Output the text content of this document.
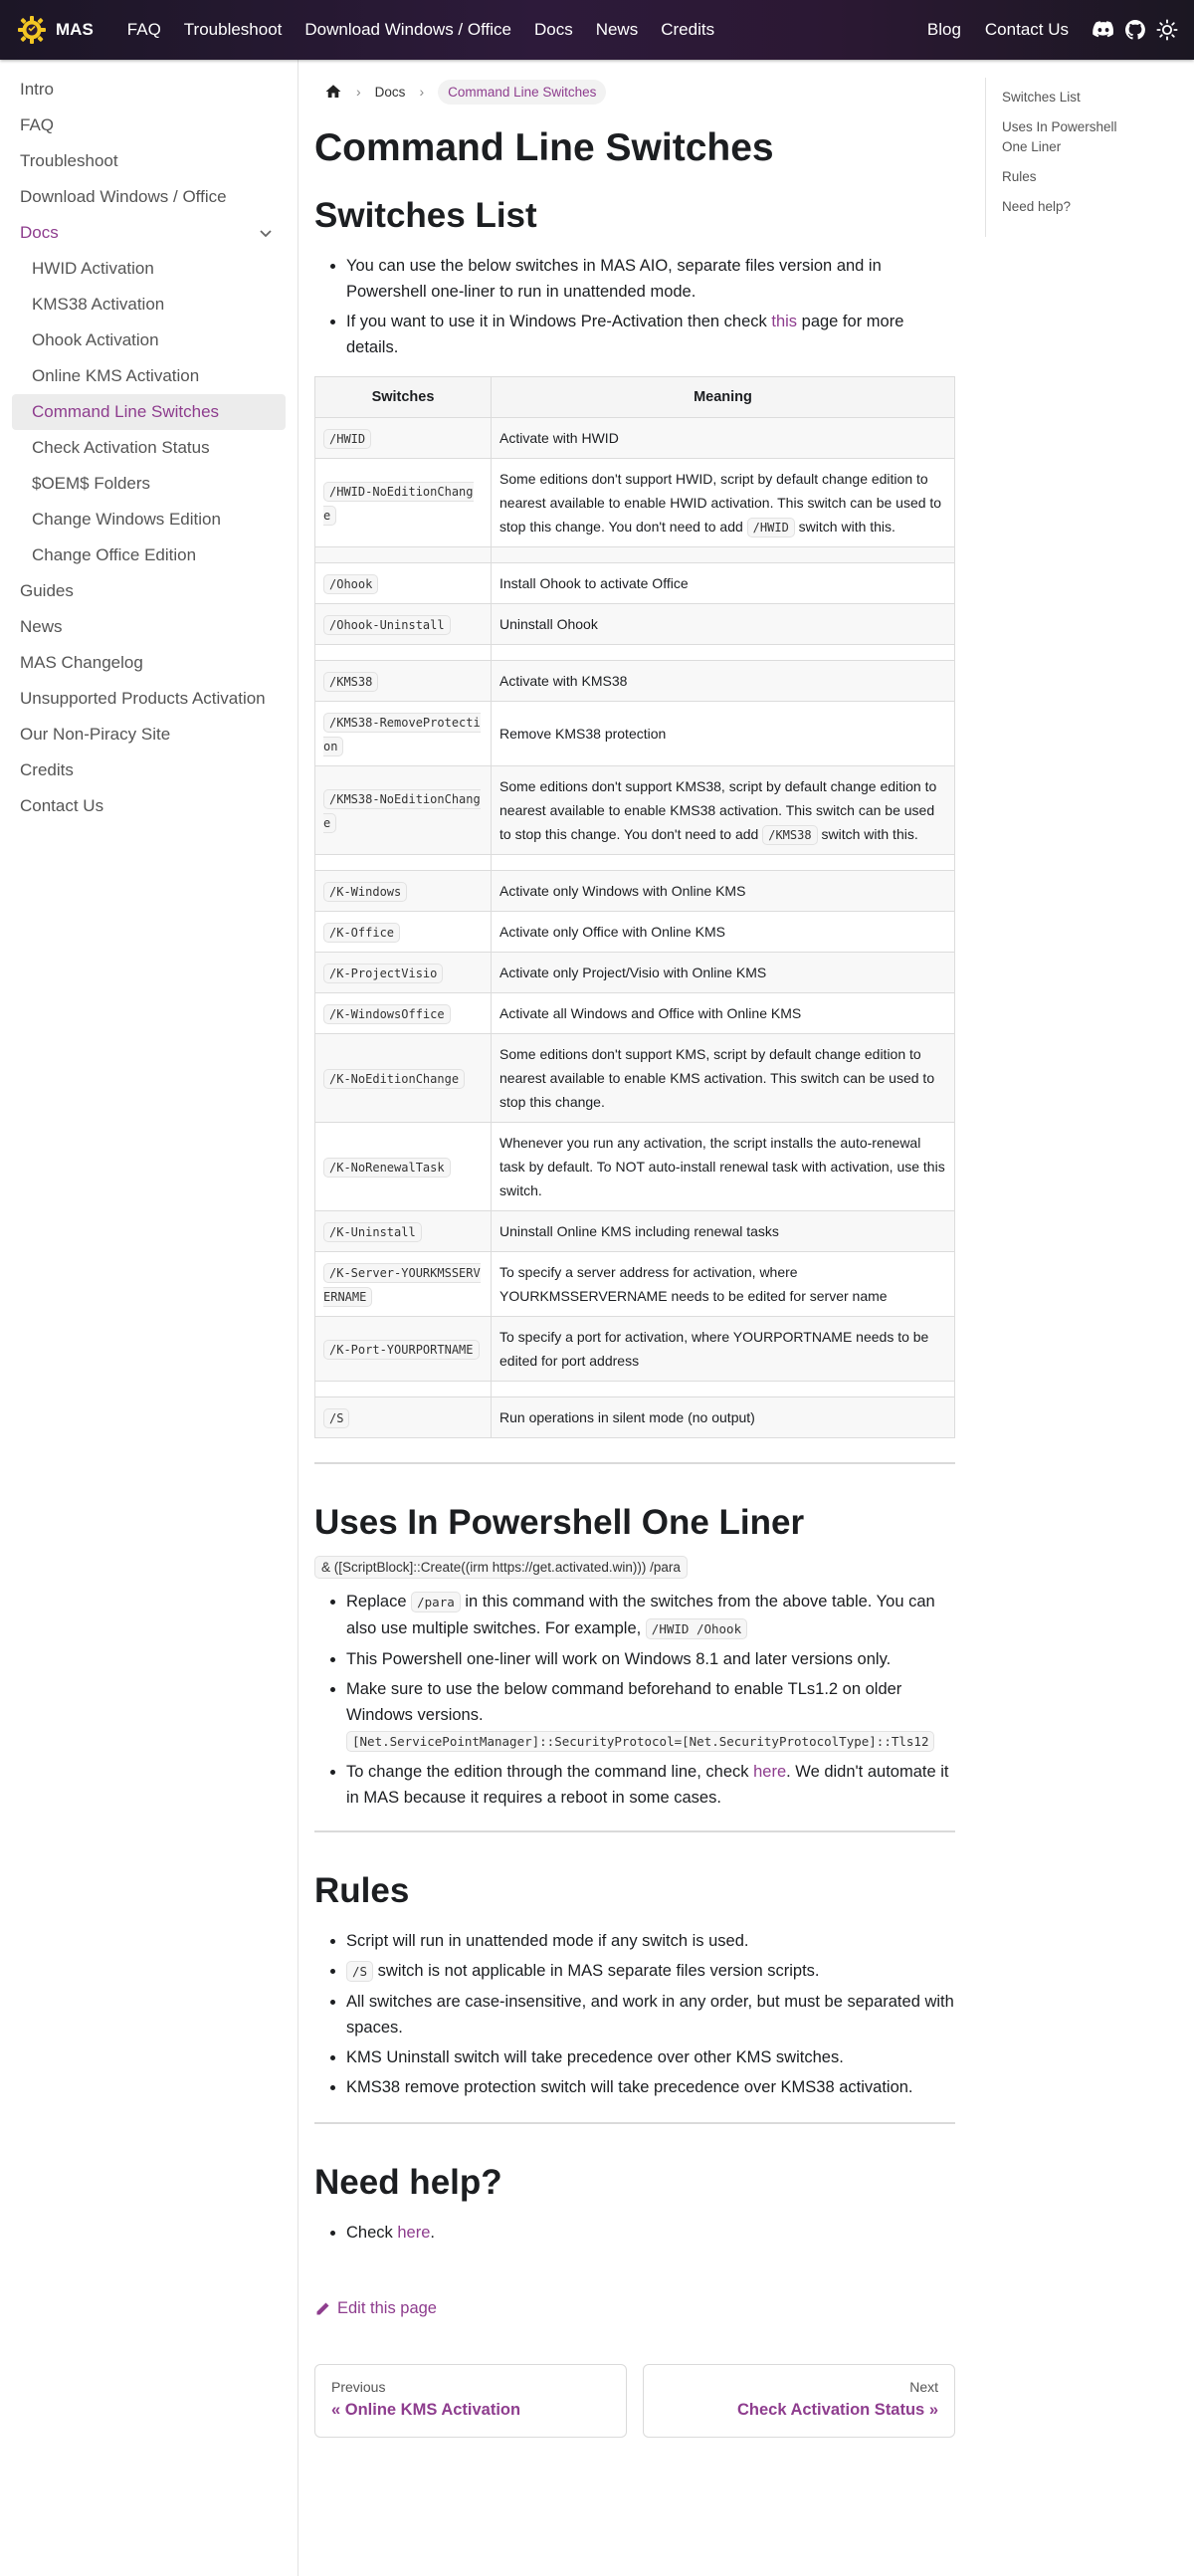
MAS FAQ Troubleshoot Download Windows / Office Docs News Credits	Blog Contact Us
Intro
FAQ
Troubleshoot
Download Windows / Office
Docs
HWID Activation
KMS38 Activation
Ohook Activation
Online KMS Activation
Command Line Switches
Check Activation Status
$OEM$ Folders
Change Windows Edition
Change Office Edition
Guides
News
MAS Changelog
Unsupported Products Activation
Our Non-Piracy Site
Credits
Contact Us
› Docs ›	Command Line Switches
Command Line Switches
Switches List
• You can use the below switches in MAS AIO, separate files version and in Powershell one-liner to run in unattended mode.
• If you want to use it in Windows Pre-Activation then check this page for more details.
Switches	Meaning
/HWID	Activate with HWID
/HWID-NoEditionChange	Some editions don't support HWID, script by default change edition to nearest available to enable HWID activation. This switch can be used to stop this change. You don't need to add /HWID switch with this.

/Ohook	Install Ohook to activate Office
/Ohook-Uninstall	Uninstall Ohook

/KMS38	Activate with KMS38
/KMS38-RemoveProtection	Remove KMS38 protection
/KMS38-NoEditionChange	Some editions don't support KMS38, script by default change edition to nearest available to enable KMS38 activation. This switch can be used to stop this change. You don't need to add /KMS38 switch with this.

/K-Windows	Activate only Windows with Online KMS
/K-Office	Activate only Office with Online KMS
/K-ProjectVisio	Activate only Project/Visio with Online KMS
/K-WindowsOffice	Activate all Windows and Office with Online KMS
/K-NoEditionChange	Some editions don't support KMS, script by default change edition to nearest available to enable KMS activation. This switch can be used to stop this change.
/K-NoRenewalTask	Whenever you run any activation, the script installs the auto-renewal task by default. To NOT auto-install renewal task with activation, use this switch.
/K-Uninstall	Uninstall Online KMS including renewal tasks
/K-Server-YOURKMSSERVERNAME	To specify a server address for activation, where YOURKMSSERVERNAME needs to be edited for server name
/K-Port-YOURPORTNAME	To specify a port for activation, where YOURPORTNAME needs to be edited for port address

/S	Run operations in silent mode (no output)
Uses In Powershell One Liner
& ([ScriptBlock]::Create((irm https://get.activated.win))) /para
• Replace /para in this command with the switches from the above table. You can also use multiple switches. For example, /HWID /Ohook
• This Powershell one-liner will work on Windows 8.1 and later versions only.
• Make sure to use the below command beforehand to enable TLs1.2 on older Windows versions.
[Net.ServicePointManager]::SecurityProtocol=[Net.SecurityProtocolType]::Tls12
• To change the edition through the command line, check here. We didn't automate it in MAS because it requires a reboot in some cases.
Rules
• Script will run in unattended mode if any switch is used.
• /S switch is not applicable in MAS separate files version scripts.
• All switches are case-insensitive, and work in any order, but must be separated with spaces.
• KMS Uninstall switch will take precedence over other KMS switches.
• KMS38 remove protection switch will take precedence over KMS38 activation.
Need help?
• Check here.
Edit this page
Previous
« Online KMS Activation
Next
Check Activation Status »
Switches List
Uses In Powershell One Liner
Rules
Need help?
